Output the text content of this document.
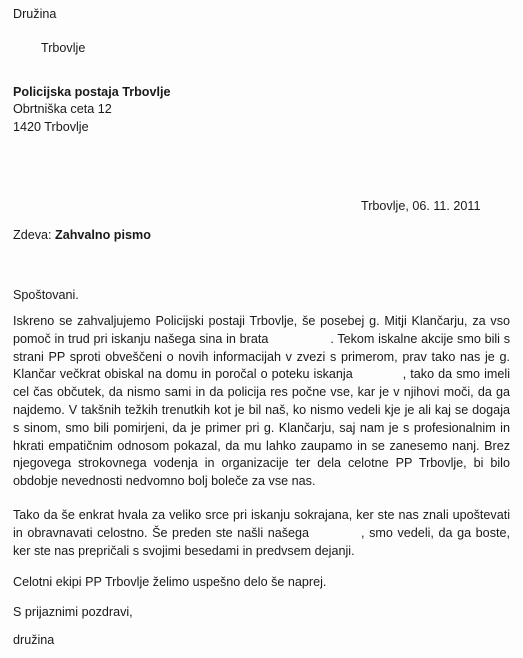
Družina
Trbovlje
Policijska postaja Trbovlje
Obrtniška ceta 12
1420 Trbovlje
Trbovlje, 06. 11. 2011
Zdeva: Zahvalno pismo
Spoštovani.
Iskreno se zahvaljujemo Policijski postaji Trbovlje, še posebej g. Mitji Klančarju, za vso pomoč in trud pri iskanju našega sina in brata	. Tekom iskalne akcije smo bili s strani PP sproti obveščeni o novih informacijah v zvezi s primerom, prav tako nas je g. Klančar večkrat obiskal na domu in poročal o poteku iskanja	, tako da smo imeli cel čas občutek, da nismo sami in da policija res počne vse, kar je v njihovi moči, da ga najdemo. V takšnih težkih trenutkih kot je bil naš, ko nismo vedeli kje je ali kaj se dogaja s sinom, smo bili pomirjeni, da je primer pri g. Klančarju, saj nam je s profesionalnim in hkrati empatičnim odnosom pokazal, da mu lahko zaupamo in se zanesemo nanj. Brez njegovega strokovnega vodenja in organizacije ter dela celotne PP Trbovlje, bi bilo obdobje nevednosti nedvomno bolj boleče za vse nas.
Tako da še enkrat hvala za veliko srce pri iskanju sokrajana, ker ste nas znali upoštevati in obravnavati celostno. Še preden ste našli našega	, smo vedeli, da ga boste, ker ste nas prepričali s svojimi besedami in predvsem dejanji.
Celotni ekipi PP Trbovlje želimo uspešno delo še naprej.
S prijaznimi pozdravi,
družina
